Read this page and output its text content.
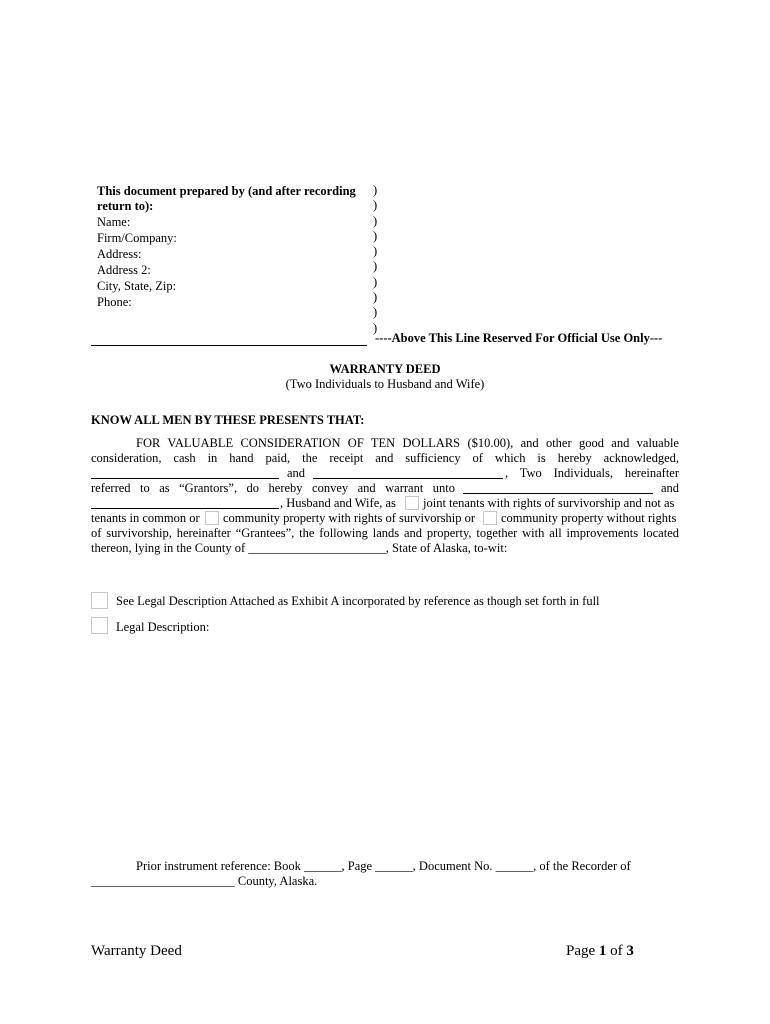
This document prepared by (and after recording
return to):
Name:
Firm/Company:
Address:
Address 2:
City, State, Zip:
Phone:
)
)
)
)
)
)
)
)
)
)
----Above This Line Reserved For Official Use Only---
WARRANTY DEED
(Two Individuals to Husband and Wife)
KNOW ALL MEN BY THESE PRESENTS THAT:
FOR VALUABLE CONSIDERATION OF TEN DOLLARS ($10.00), and other good and valuable
consideration, cash in hand paid, the receipt and sufficiency of which is hereby acknowledged,
and	, Two Individuals, hereinafter
referred to as “Grantors”, do hereby convey and warrant unto	and
, Husband and Wife, as joint tenants with rights of survivorship and not as
tenants in common or community property with rights of survivorship or community property without rights
of survivorship, hereinafter “Grantees”, the following lands and property, together with all improvements located
thereon, lying in the County of ______________________, State of Alaska, to-wit:
See Legal Description Attached as Exhibit A incorporated by reference as though set forth in full
Legal Description:
Prior instrument reference: Book ______, Page ______, Document No. ______, of the Recorder of
_______________________ County, Alaska.
Warranty Deed	Page 1 of 3
